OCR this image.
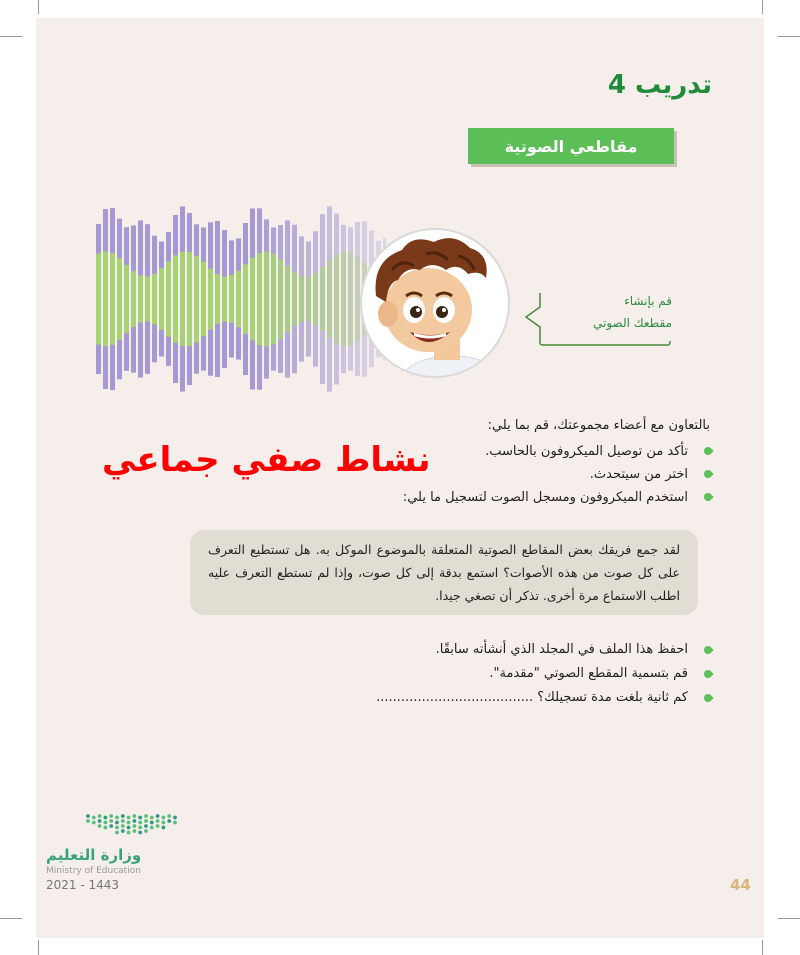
تدريب 4
مقاطعي الصوتية
قم بإنشاء
مقطعك الصوتي
بالتعاون مع أعضاء مجموعتك، قم بما يلي:
تأكد من توصيل الميكروفون بالحاسب.
اختر من سيتحدث.
استخدم الميكروفون ومسجل الصوت لتسجيل ما يلي:
نشاط صفي جماعي
لقد جمع فريقك بعض المقاطع الصوتية المتعلقة بالموضوع الموكل به. هل تستطيع التعرف على كل صوت من هذه الأصوات؟ استمع بدقة إلى كل صوت، وإذا لم تستطع التعرف عليه اطلب الاستماع مرة أخرى. تذكر أن تصغي جيدا.
احفظ هذا الملف في المجلد الذي أنشأته سابقًا.
قم بتسمية المقطع الصوتي "مقدمة".
كم ثانية بلغت مدة تسجيلك؟ ......................................
وزارة التعليم
Ministry of Education
2021 - 1443	44
